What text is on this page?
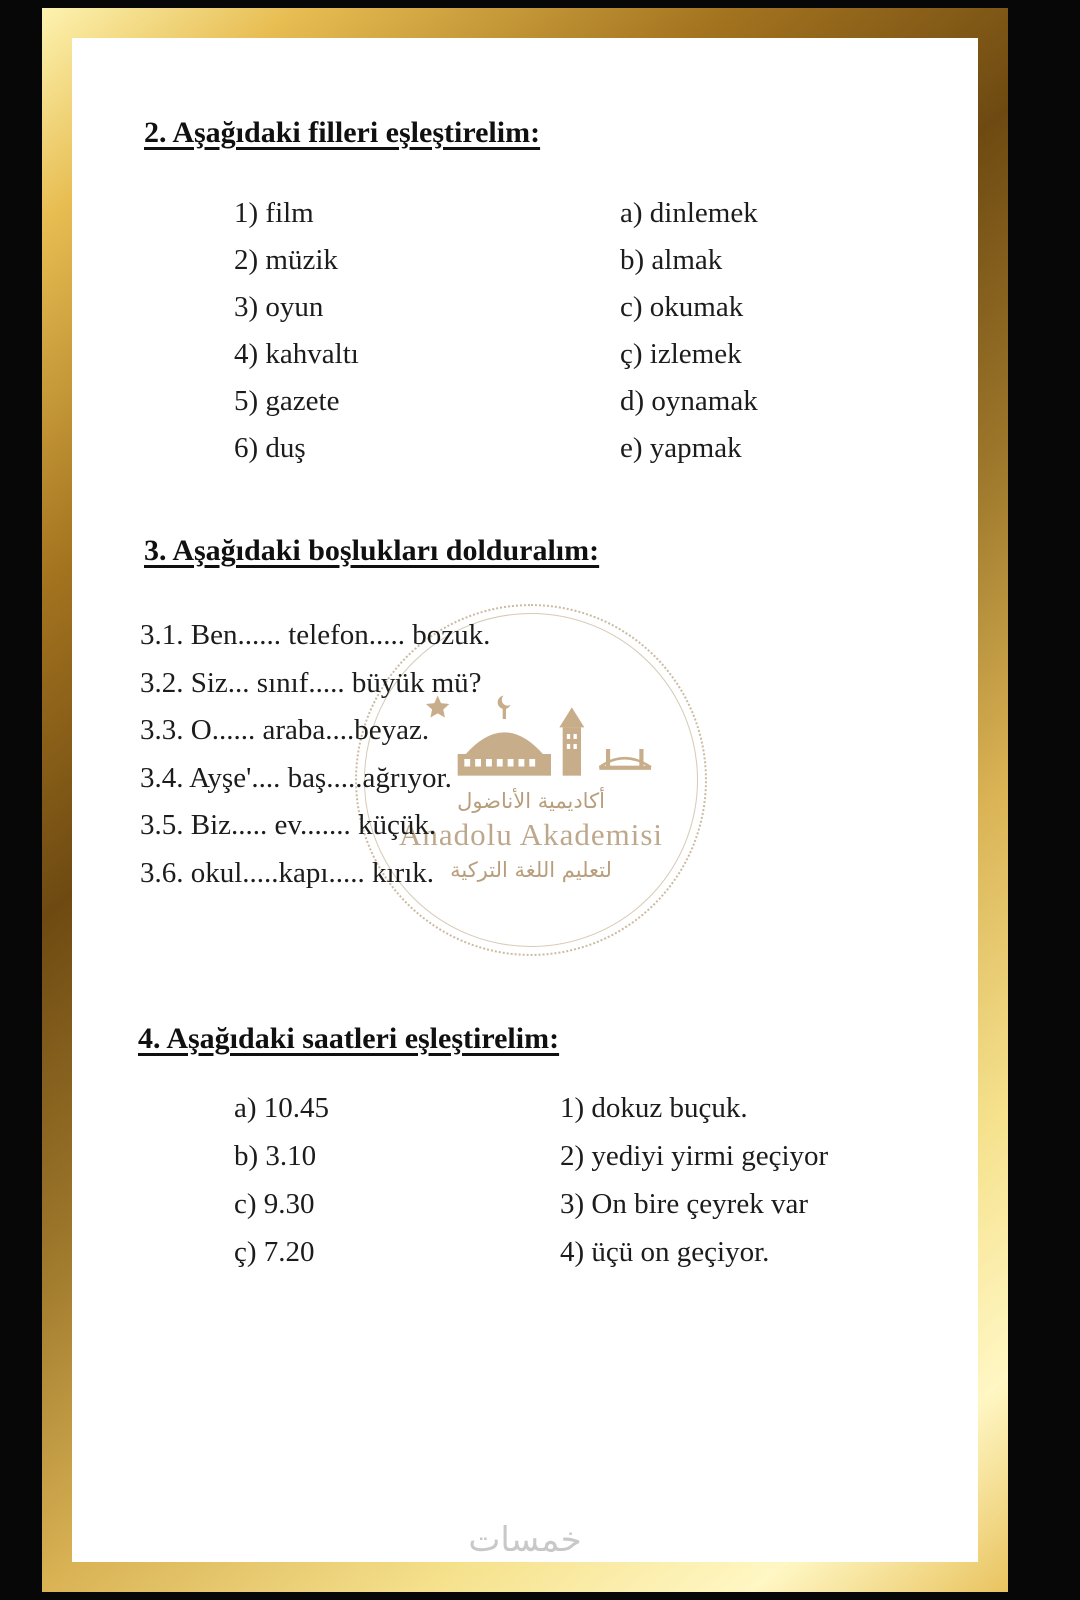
أكاديمية الأناضول
Anadolu Akademisi
لتعليم اللغة التركية
2. Aşağıdaki filleri eşleştirelim:
1) film
2) müzik
3) oyun
4) kahvaltı
5) gazete
6) duş
a) dinlemek
b) almak
c) okumak
ç) izlemek
d) oynamak
e) yapmak
3. Aşağıdaki boşlukları dolduralım:
3.1. Ben...... telefon..... bozuk.
3.2. Siz... sınıf..... büyük mü?
3.3. O...... araba....beyaz.
3.4. Ayşe'.... baş.....ağrıyor.
3.5. Biz..... ev....... küçük.
3.6. okul.....kapı..... kırık.
4. Aşağıdaki saatleri eşleştirelim:
a) 10.45
b) 3.10
c) 9.30
ç) 7.20
1) dokuz buçuk.
2) yediyi yirmi geçiyor
3) On bire çeyrek var
4) üçü on geçiyor.
خمسات
